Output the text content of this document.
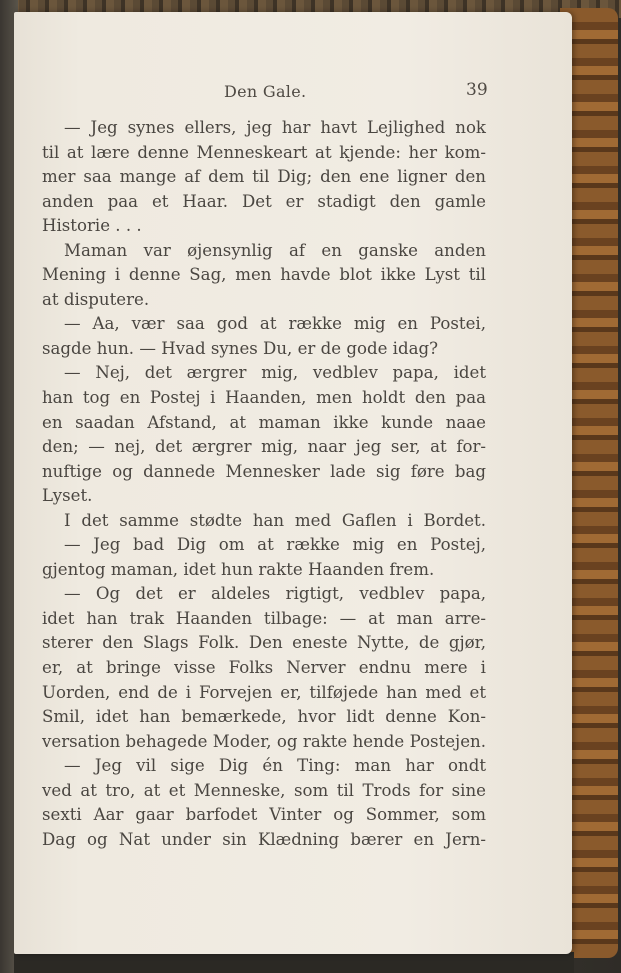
Den Gale.	39
— Jeg synes ellers, jeg har havt Lejlighed nok
til at lære denne Menneskeart at kjende: her kom-
mer saa mange af dem til Dig; den ene ligner den
anden paa et Haar. Det er stadigt den gamle
Historie . . .
Maman var øjensynlig af en ganske anden
Mening i denne Sag, men havde blot ikke Lyst til
at disputere.
— Aa, vær saa god at række mig en Postei,
sagde hun. — Hvad synes Du, er de gode idag?
— Nej, det ærgrer mig, vedblev papa, idet
han tog en Postej i Haanden, men holdt den paa
en saadan Afstand, at maman ikke kunde naae
den; — nej, det ærgrer mig, naar jeg ser, at for-
nuftige og dannede Mennesker lade sig føre bag
Lyset.
I det samme stødte han med Gaflen i Bordet.
— Jeg bad Dig om at række mig en Postej,
gjentog maman, idet hun rakte Haanden frem.
— Og det er aldeles rigtigt, vedblev papa,
idet han trak Haanden tilbage: — at man arre-
sterer den Slags Folk. Den eneste Nytte, de gjør,
er, at bringe visse Folks Nerver endnu mere i
Uorden, end de i Forvejen er, tilføjede han med et
Smil, idet han bemærkede, hvor lidt denne Kon-
versation behagede Moder, og rakte hende Postejen.
— Jeg vil sige Dig én Ting: man har ondt
ved at tro, at et Menneske, som til Trods for sine
sexti Aar gaar barfodet Vinter og Sommer, som
Dag og Nat under sin Klædning bærer en Jern-
